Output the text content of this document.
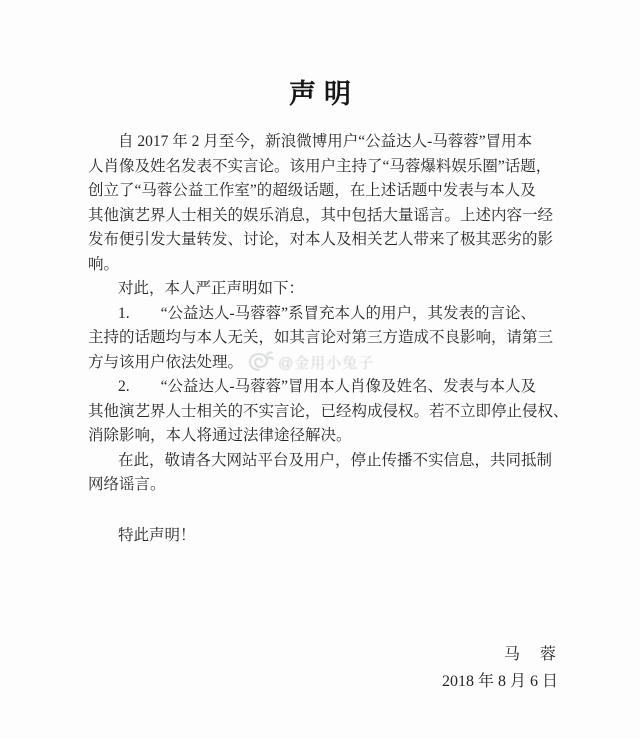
声明
自 2017 年 2 月至今，新浪微博用户“公益达人-马蓉蓉”冒用本
人肖像及姓名发表不实言论。该用户主持了“马蓉爆料娱乐圈”话题，
创立了“马蓉公益工作室”的超级话题，在上述话题中发表与本人及
其他演艺界人士相关的娱乐消息，其中包括大量谣言。上述内容一经
发布便引发大量转发、讨论，对本人及相关艺人带来了极其恶劣的影
响。
对此，本人严正声明如下：
1.　　“公益达人-马蓉蓉”系冒充本人的用户，其发表的言论、
主持的话题均与本人无关，如其言论对第三方造成不良影响，请第三
方与该用户依法处理。
2.　　“公益达人-马蓉蓉”冒用本人肖像及姓名、发表与本人及
其他演艺界人士相关的不实言论，已经构成侵权。若不立即停止侵权、
消除影响，本人将通过法律途径解决。
在此，敬请各大网站平台及用户，停止传播不实信息，共同抵制
网络谣言。
特此声明！
@金用小兔子
马　蓉
2018 年 8 月 6 日
